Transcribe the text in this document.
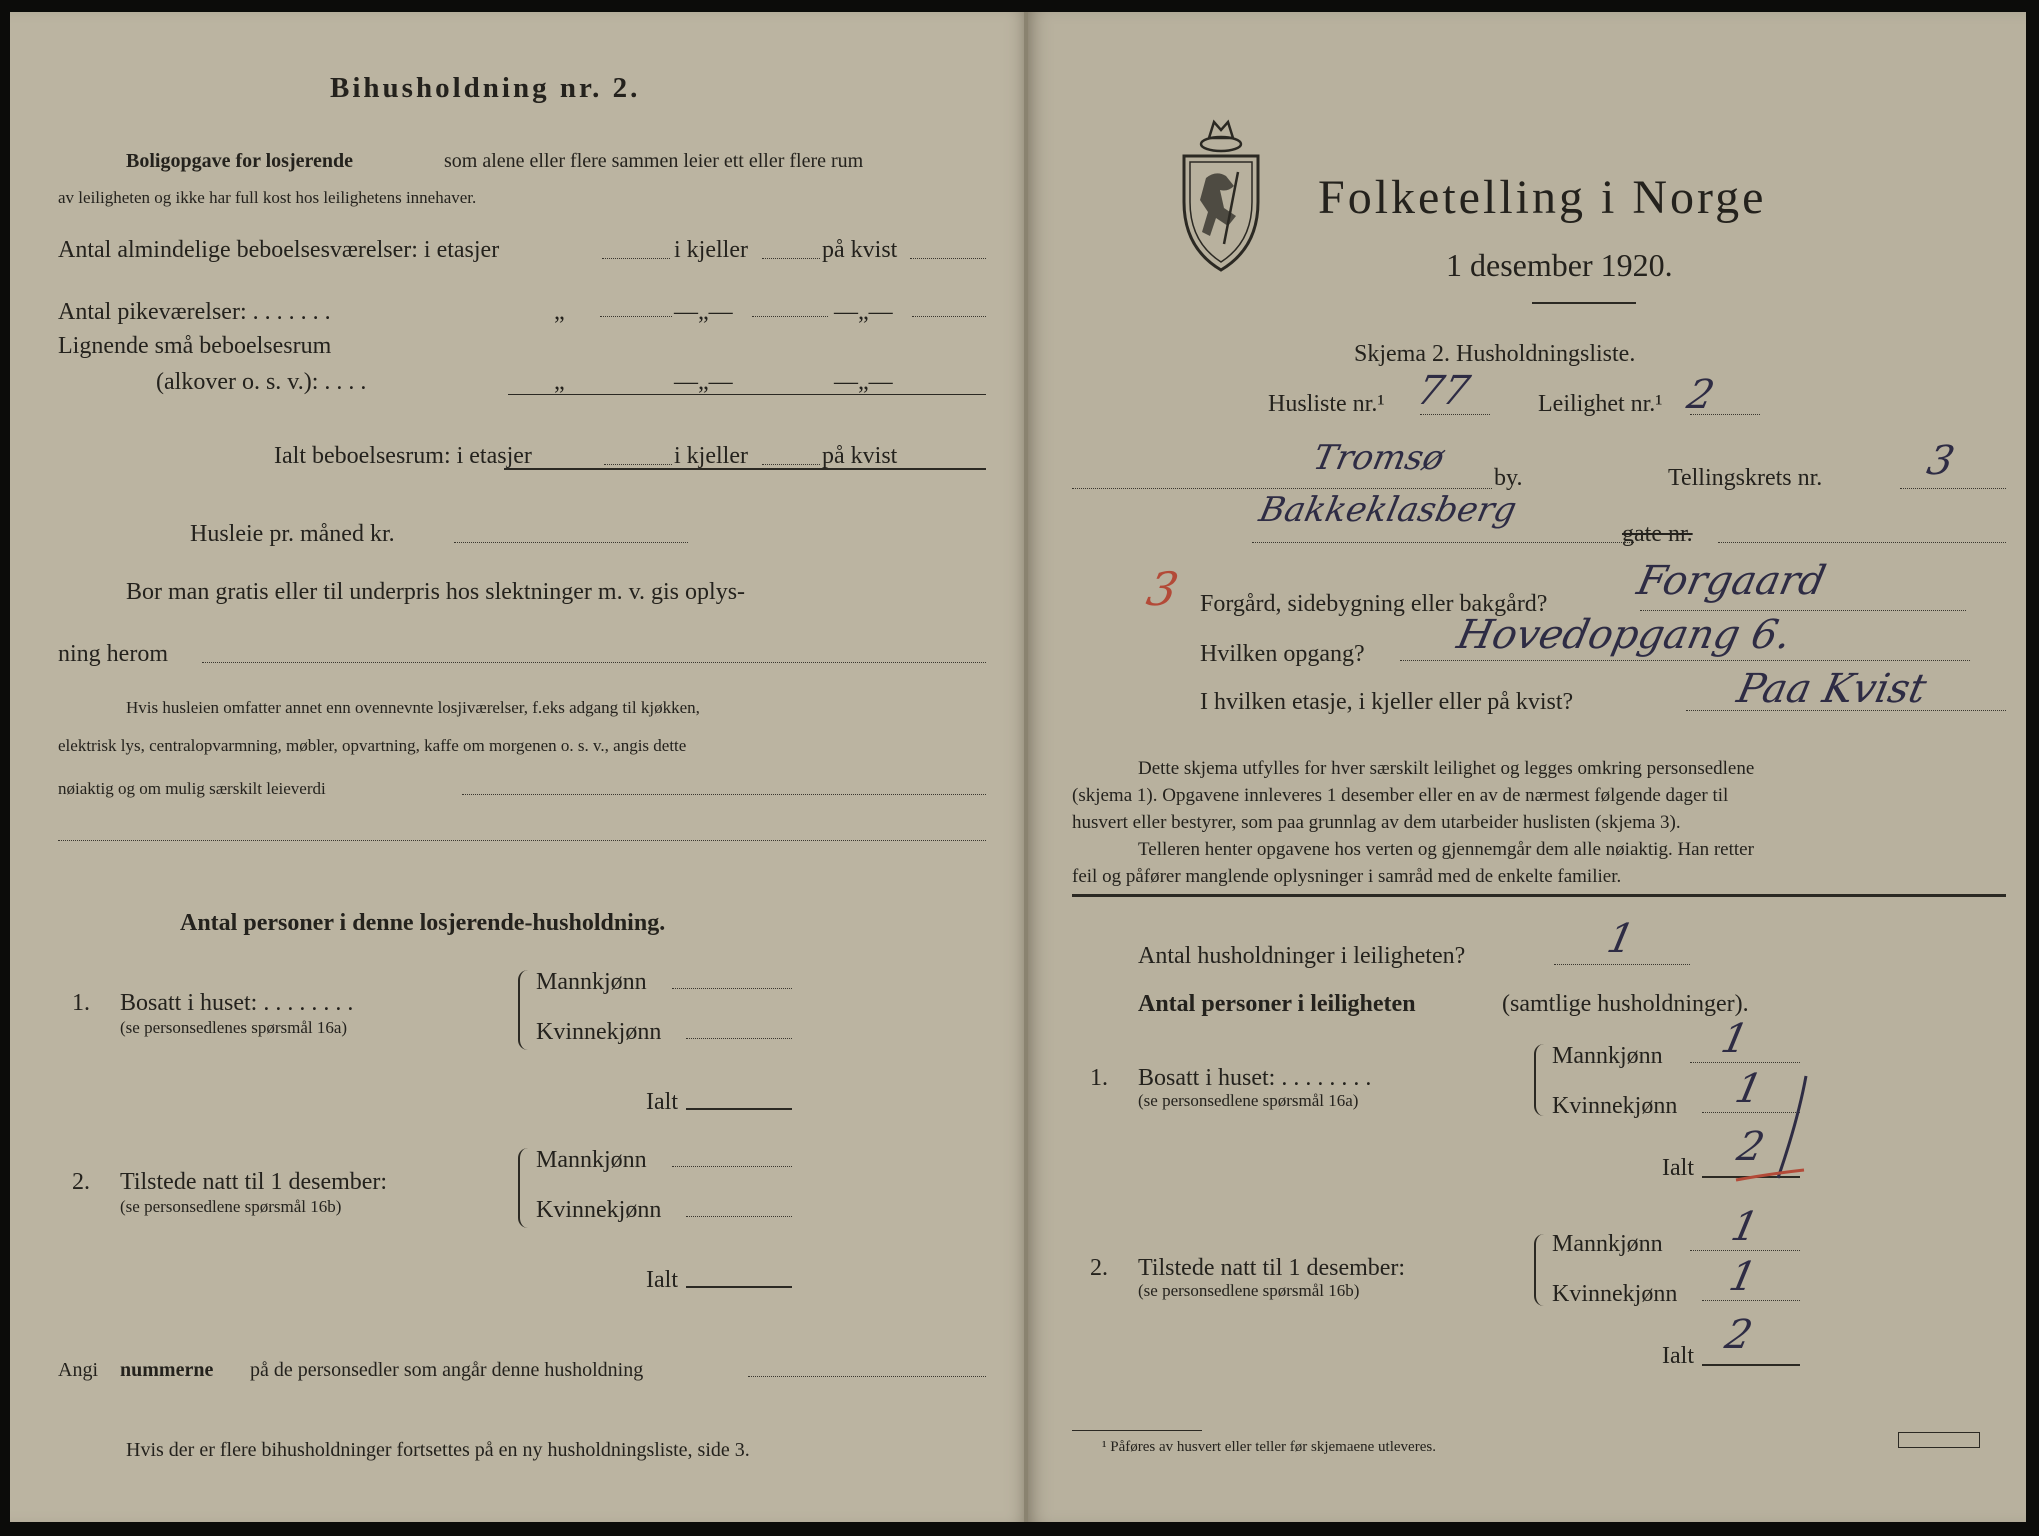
Bihusholdning nr. 2.
Boligopgave for losjerende	som alene eller flere sammen leier ett eller flere rum
av leiligheten og ikke har full kost hos leilighetens innehaver.
Antal almindelige beboelsesværelser: i etasjer	i kjeller	på kvist
Antal pikeværelser: . . . . . . .	„	—„—	—„—
Lignende små beboelsesrum
(alkover o. s. v.): . . . .	„	—„—	—„—
Ialt beboelsesrum: i etasjer	i kjeller	på kvist
Husleie pr. måned kr.
Bor man gratis eller til underpris hos slektninger m. v. gis oplys-
ning herom
Hvis husleien omfatter annet enn ovennevnte losjiværelser, f.eks adgang til kjøkken,
elektrisk lys, centralopvarmning, møbler, opvartning, kaffe om morgenen o. s. v., angis dette
nøiaktig og om mulig særskilt leieverdi
Antal personer i denne losjerende-husholdning.
1. Bosatt i huset: . . . . . . . .
(se personsedlenes spørsmål 16a)
Mannkjønn
Kvinnekjønn
Ialt
2. Tilstede natt til 1 desember:
(se personsedlene spørsmål 16b)
Mannkjønn
Kvinnekjønn
Ialt
Angi nummerne på de personsedler som angår denne husholdning
Hvis der er flere bihusholdninger fortsettes på en ny husholdningsliste, side 3.
Folketelling i Norge
1 desember 1920.
Skjema 2. Husholdningsliste.
Husliste nr.¹ 77	Leilighet nr.¹ 2
Tromsø by.	Tellingskrets nr.	3
Bakkeklasberg
gate nr.
3 Forgård, sidebygning eller bakgård? Forgaard
Hvilken opgang? Hovedopgang 6.
I hvilken etasje, i kjeller eller på kvist?	Paa Kvist
Dette skjema utfylles for hver særskilt leilighet og legges omkring personsedlene
(skjema 1). Opgavene innleveres 1 desember eller en av de nærmest følgende dager til
husvert eller bestyrer, som paa grunnlag av dem utarbeider huslisten (skjema 3).
Telleren henter opgavene hos verten og gjennemgår dem alle nøiaktig. Han retter
feil og påfører manglende oplysninger i samråd med de enkelte familier.
Antal husholdninger i leiligheten?	1
Antal personer i leiligheten	(samtlige husholdninger).
1. Bosatt i huset: . . . . . . . .
(se personsedlene spørsmål 16a)
Mannkjønn 1
Kvinnekjønn 1
Ialt 2
2. Tilstede natt til 1 desember:
(se personsedlene spørsmål 16b)
Mannkjønn 1
Kvinnekjønn 1
Ialt 2
¹ Påføres av husvert eller teller før skjemaene utleveres.
